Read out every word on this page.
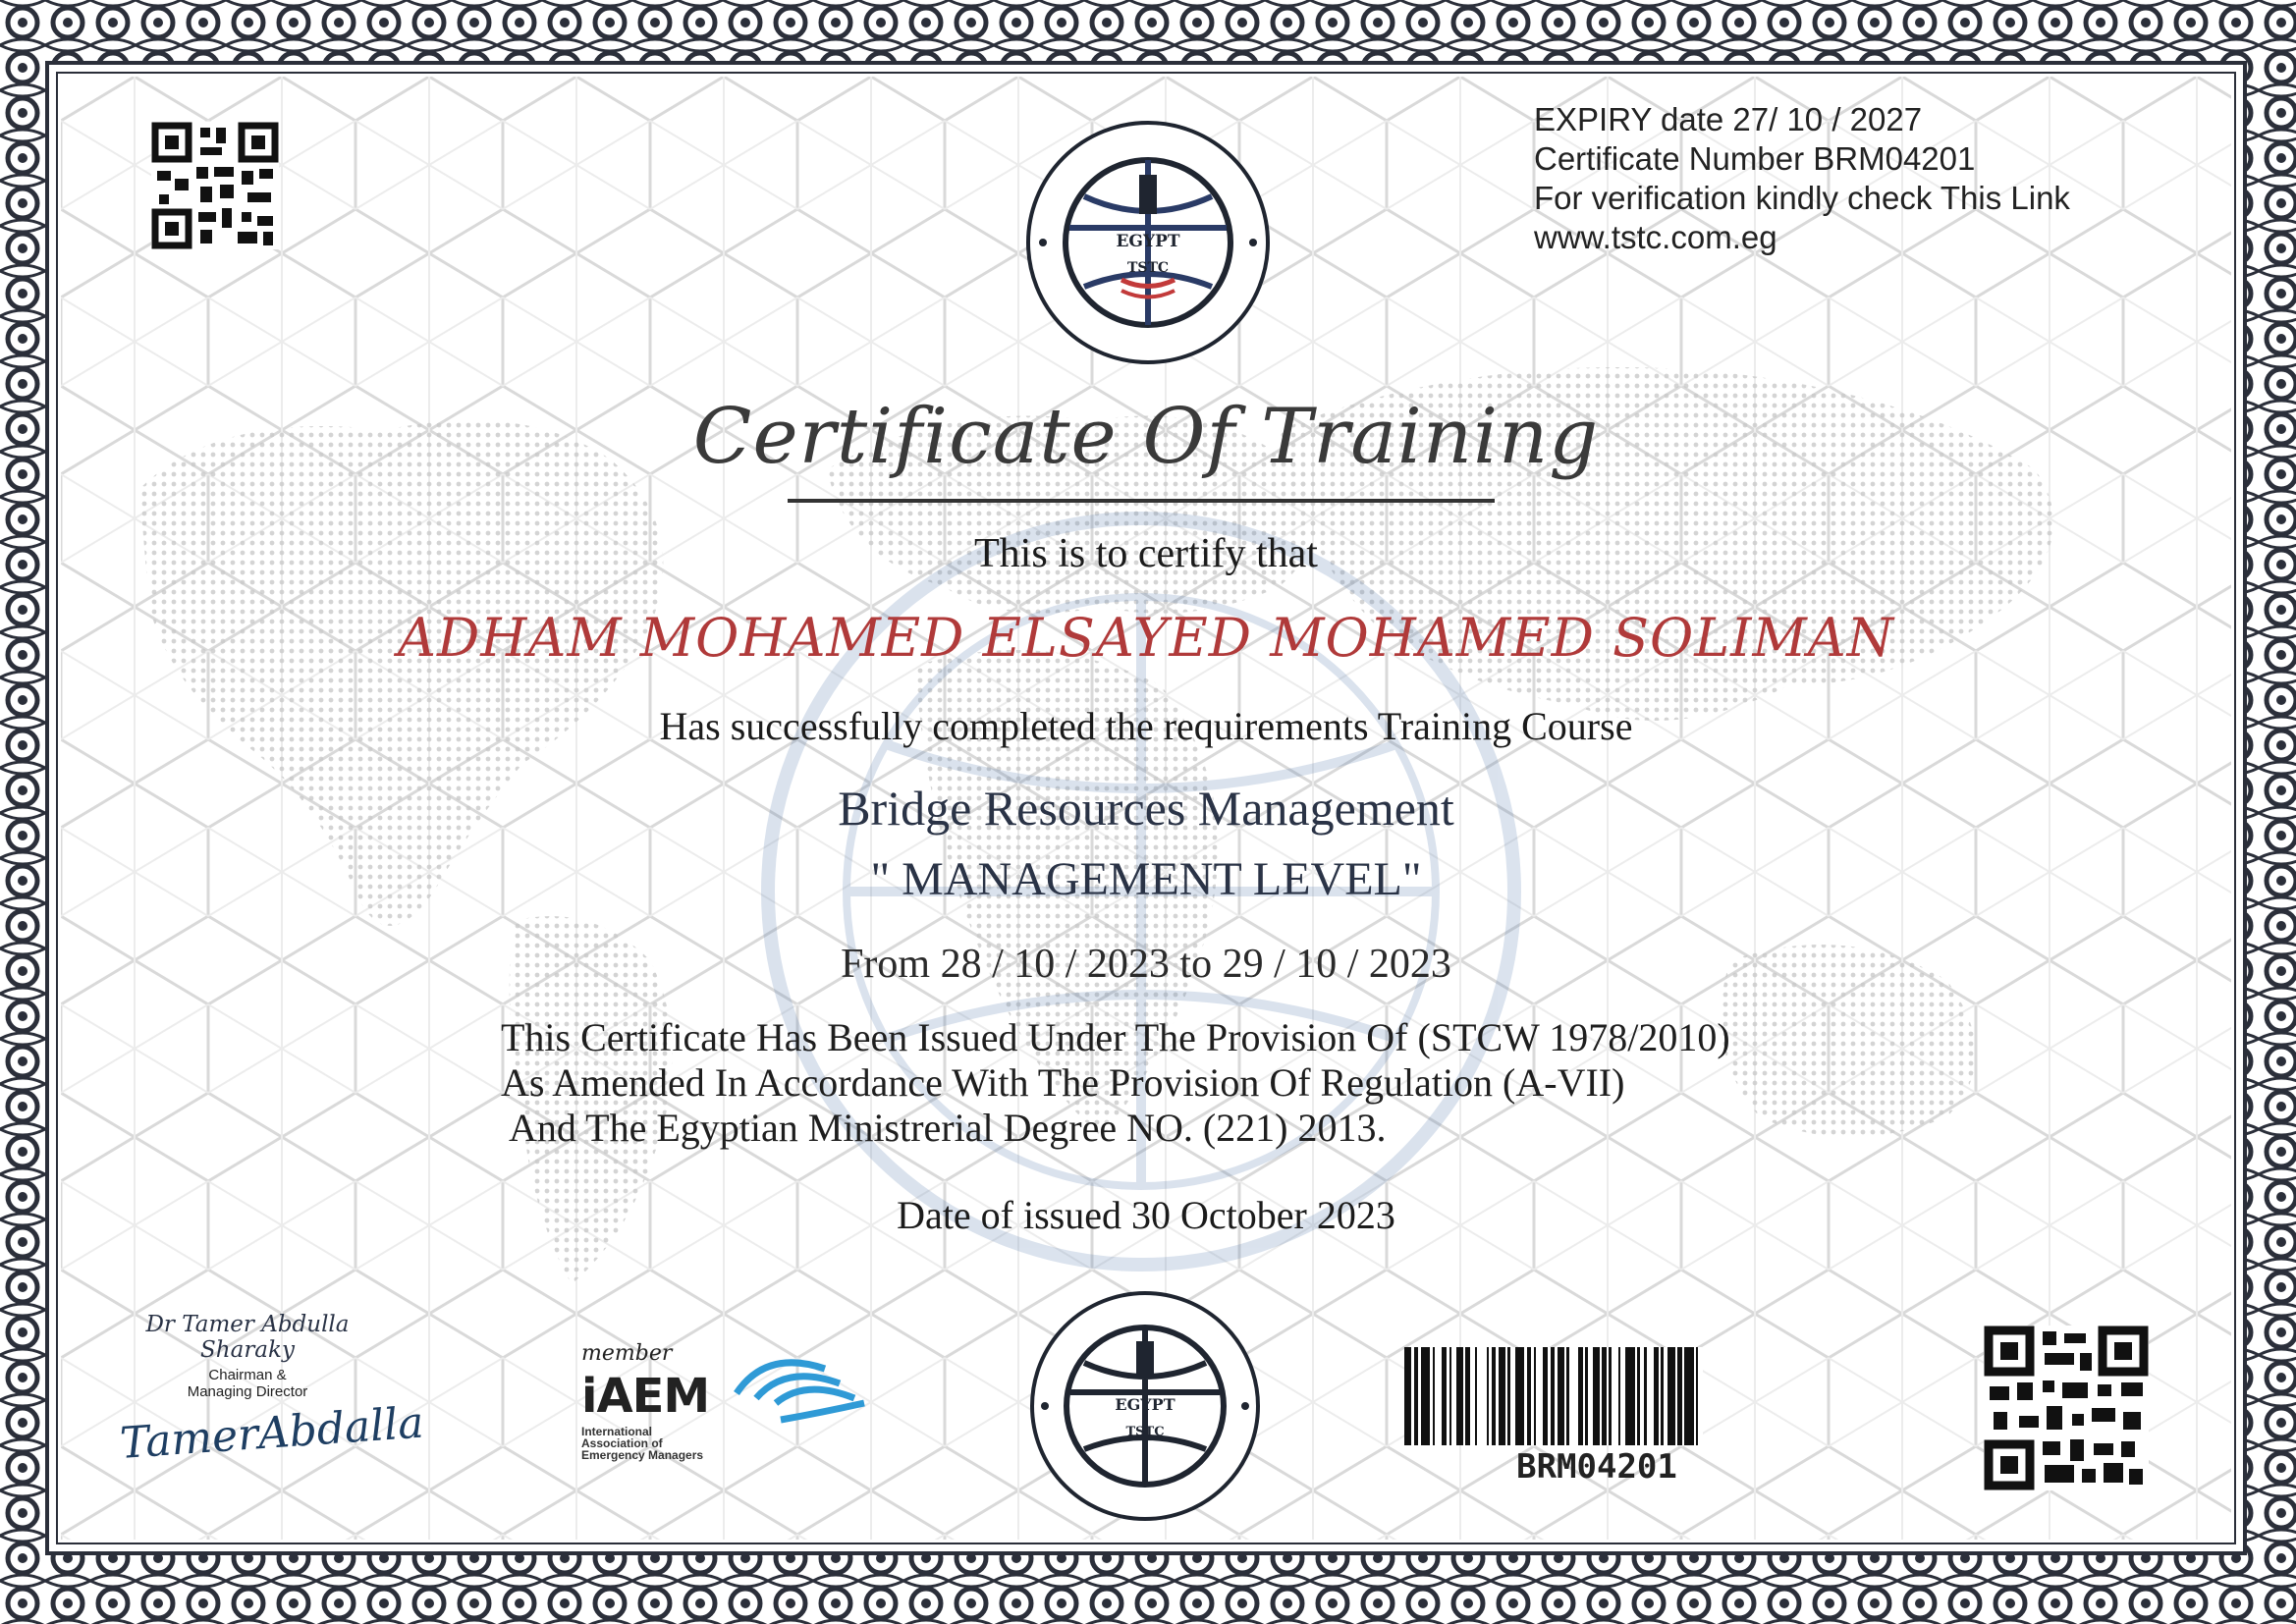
EGYPT
TSTC
EXPIRY date 27/ 10 / 2027
Certificate Number BRM04201
For verification kindly check This Link
www.tstc.com.eg
Certificate Of Training
This is to certify that
ADHAM MOHAMED ELSAYED MOHAMED SOLIMAN
Has successfully completed the requirements Training Course
Bridge Resources Management
" MANAGEMENT LEVEL"
From 28 / 10 / 2023 to 29 / 10 / 2023
This Certificate Has Been Issued Under The Provision Of (STCW 1978/2010)
As Amended In Accordance With The Provision Of Regulation (A-VII)
And The Egyptian Ministrerial Degree NO. (221) 2013.
Date of issued 30 October 2023
Dr Tamer Abdulla Sharaky
Chairman &
Managing Director
TamerAbdalla
member
iAEM
International
Association of
Emergency Managers
EGYPT
TSTC
BRM04201
